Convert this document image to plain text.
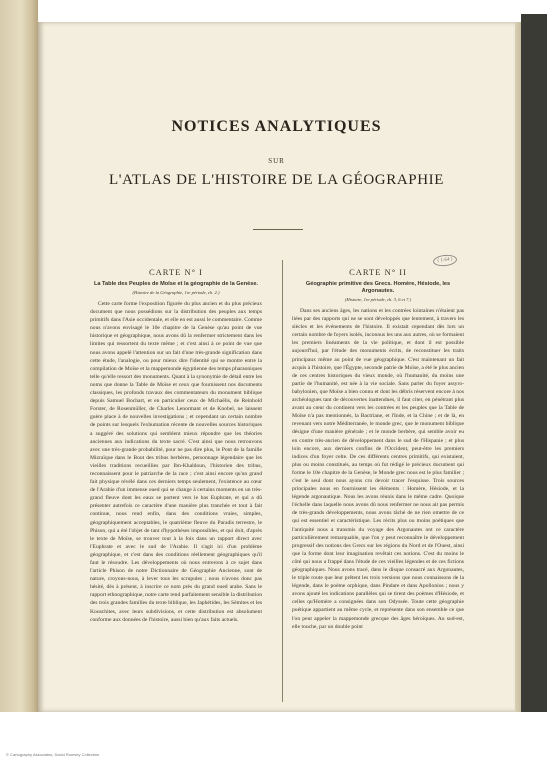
NOTICES ANALYTIQUES
SUR
L'ATLAS DE L'HISTOIRE DE LA GÉOGRAPHIE
( 1-64 )
CARTE N° I
La Table des Peuples de Moïse et la géographie de la Genèse.
(Histoire de la Géographie, 1re période, ch. 2.)

Cette carte forme l'exposition figurée du plus ancien et du plus précieux document que nous possédions sur la distribution des peuples aux temps primitifs dans l'Asie occidentale, et elle en est aussi le commentaire. Comme nous n'avons envisagé le 10e chapitre de la Genèse qu'au point de vue historique et géographique, nous avons dû la renfermer strictement dans les limites qui ressortent du texte même ; et c'est ainsi à ce point de vue que nous avons appelé l'attention sur un fait d'une très-grande signification dans cette étude, l'analogie, ou pour mieux dire l'identité qui se montre entre la compilation de Moïse et la mappemonde égyptienne des temps pharaoniques telle qu'elle ressort des monuments. Quant à la synonymie de détail entre les noms que donne la Table de Moïse et ceux que fournissent nos documents classiques, les profonds travaux des commentateurs du monument biblique depuis Samuel Bochart, et en particulier ceux de Michaëlis, de Reinhold Forster, de Rosenmüller, de Charles Lenormant et de Knobel, ne laissent guère place à de nouvelles investigations ; et cependant un certain nombre de points sur lesquels l'exhumation récente de nouvelles sources historiques a suggéré des solutions qui semblent mieux répondre que les théories anciennes aux indications du texte sacré. C'est ainsi que nous retrouvons avec une très-grande probabilité, pour ne pas dire plus, le Pont de la famille Mizraïque dans le Bout des tribus berbères, personnage légendaire que les vieilles traditions recueillies par Ibn-Khaldoun, l'historien des tribus, reconnaissent pour le patriarche de la race ; c'est ainsi encore qu'un grand fait physique révélé dans ces derniers temps seulement, l'existence au cœur de l'Arabie d'un immense oued qui se change à certains moments en un très-grand fleuve dont les eaux se portent vers le bas Euphrate, et qui a dû présenter autrefois ce caractère d'une manière plus tranchée et tout à fait continue, nous rend enfin, dans des conditions vraies, simples, géographiquement acceptables, le quatrième fleuve du Paradis terrestre, le Phison, qui a été l'objet de tant d'hypothèses impossibles, et qui doit, d'après le texte de Moïse, se trouver tout à la fois dans un rapport direct avec l'Euphrate et avec le sud de l'Arabie. Il s'agit ici d'un problème géographique, et c'est dans des conditions réellement géographiques qu'il faut le résoudre. Les développements où nous entrerons à ce sujet dans l'article Phison de notre Dictionnaire de Géographie Ancienne, sont de nature, croyons-nous, à lever tous les scrupules ; nous n'avons donc pas hésité, dès à présent, à inscrire ce nom près du grand oued arabe. Sans le rapport ethnographique, notre carte rend parfaitement sensible la distribution des trois grandes familles du texte biblique, les Japhétides, les Sémites et les Kouschites, avec leurs subdivisions, et cette distribution est absolument conforme aux données de l'histoire, aussi bien qu'aux faits actuels.

CARTE N° II
Géographie primitive des Grecs. Homère, Hésiode, les Argonautes.
(Histoire, 1re période, ch. 3, 6 et 7.)

Dans ses anciens âges, les nations et les contrées lointaines n'étaient pas liées par des rapports qui ne se sont développés que lentement, à travers les siècles et les événements de l'histoire. Il existait cependant dès lors un certain nombre de foyers isolés, inconnus les uns aux autres, où se formaient les premiers linéaments de la vie politique, et dont il est possible aujourd'hui, par l'étude des monuments écrits, de reconstituer les traits principaux même au point de vue géographique. C'est maintenant un fait acquis à l'histoire, que l'Égypte, seconde patrie de Moïse, a été le plus ancien de ces centres historiques du vieux monde, où l'humanité, du moins une partie de l'humanité, est née à la vie sociale. Sans parler du foyer assyro-babylonien, que Moïse a bien connu et dont les débris réservent encore à nos archéologues tant de découvertes inattendues, il faut citer, en pénétrant plus avant au cœur du continent vers les contrées et les peuples que la Table de Moïse n'a pas mentionnés, la Bactriane, et l'Inde, et la Chine ; et de là, en revenant vers notre Méditerranée, le monde grec, que le monument biblique désigne d'une manière générale ; et le monde berbère, qui semble avoir eu en contre très-ancien de développement dans le sud de l'Hispanie ; et plus loin encore, aux derniers confins de l'Occident, peut-être les premiers indices d'un foyer celte. De ces différents centres primitifs, qui existaient, plus ou moins constitués, au temps où fut rédigé le précieux document qui forme le 10e chapitre de la Genèse, le Monde grec nous est le plus familier ; c'est le seul dont nous ayons cru devoir tracer l'esquisse. Trois sources principales nous en fournissent les éléments : Homère, Hésiode, et la légende argonautique. Nous les avons réunis dans le même cadre. Quoique l'échelle dans laquelle nous avons dû nous renfermer ne nous ait pas permis de très-grands développements, nous avons tâché de ne rien omettre de ce qui est essentiel et caractéristique. Les récits plus ou moins poétiques que l'antiquité nous a transmis du voyage des Argonautes ont ce caractère particulièrement remarquable, que l'on y peut reconnaître le développement progressif des notions des Grecs sur les régions du Nord et de l'Ouest, ainsi que la forme dont leur imagination revêtait ces notions. C'est du moins le côté qui nous a frappé dans l'étude de ces vieilles légendes et de ces fictions géographiques. Nous avons tracé, dans le disque consacré aux Argonautes, le triple route que leur prêtent les trois versions que nous connaissons de la légende, dans le poème orphique, dans Pindare et dans Apollonius ; nous y avons ajouté les indications parallèles qui se tirent des poèmes d'Hésiode, et celles qu'Homère a consignées dans son Odyssée. Toute cette géographie poétique appartient au même cycle, et représente dans son ensemble ce que l'on peut appeler la mappemonde grecque des âges héroïques. Au sud-est, elle touche, par un double point

© Cartography Associates, David Rumsey Collection
